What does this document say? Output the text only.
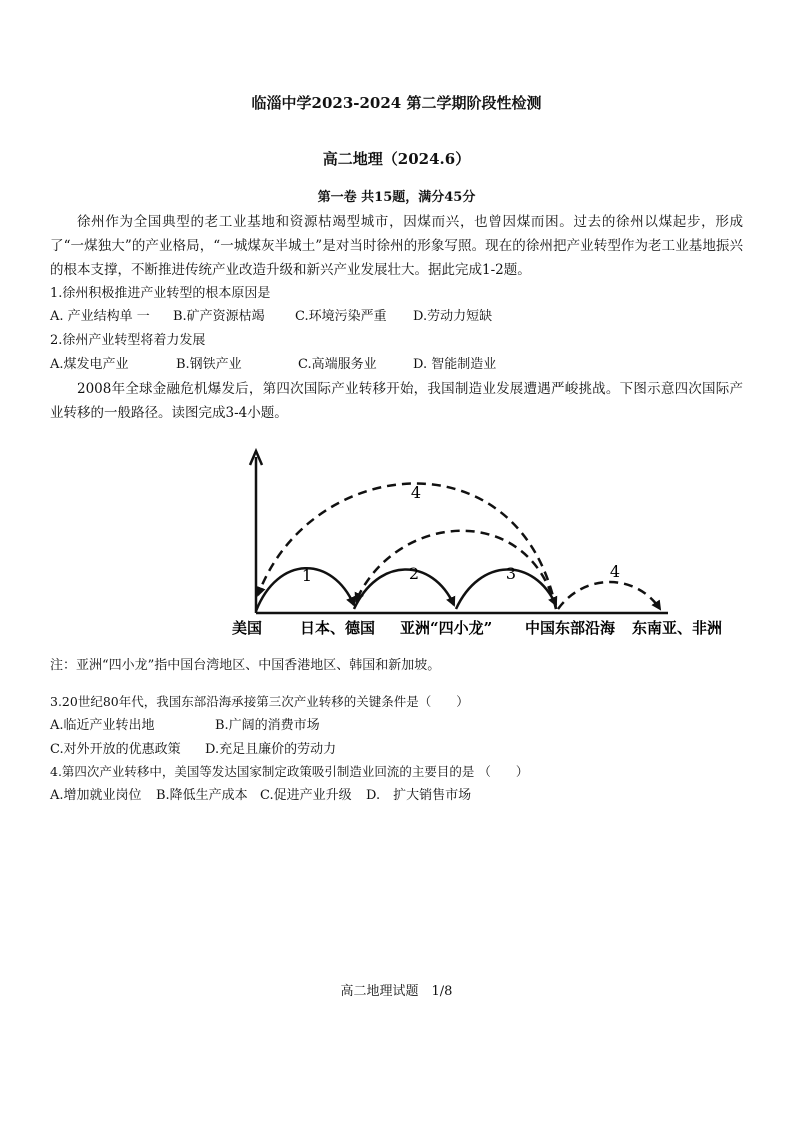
临淄中学2023-2024 第二学期阶段性检测
高二地理（2024.6）
第一卷 共15题，满分45分
徐州作为全国典型的老工业基地和资源枯竭型城市，因煤而兴，也曾因煤而困。过去的徐州以煤起步，形成了“一煤独大”的产业格局，“一城煤灰半城土”是对当时徐州的形象写照。现在的徐州把产业转型作为老工业基地振兴的根本支撑，不断推进传统产业改造升级和新兴产业发展壮大。据此完成1-2题。
1.徐州积极推进产业转型的根本原因是
A. 产业结构单 一 B.矿产资源枯竭 C.环境污染严重 D.劳动力短缺
2.徐州产业转型将着力发展
A.煤发电产业	B.钢铁产业	C.高端服务业	D. 智能制造业
2008年全球金融危机爆发后，第四次国际产业转移开始，我国制造业发展遭遇严峻挑战。下图示意四次国际产业转移的一般路径。读图完成3-4小题。
1	2	3
4
4
美国	日本、德国 亚洲“四小龙” 中国东部沿海 东南亚、非洲
注：亚洲“四小龙”指中国台湾地区、中国香港地区、韩国和新加坡。
3.20世纪80年代，我国东部沿海承接第三次产业转移的关键条件是（　　）
A.临近产业转出地	B.广阔的消费市场
C.对外开放的优惠政策 D.充足且廉价的劳动力
4.第四次产业转移中，美国等发达国家制定政策吸引制造业回流的主要目的是 （　　）
A.增加就业岗位 B.降低生产成本 C.促进产业升级 D.　扩大销售市场
高二地理试题　1/8
